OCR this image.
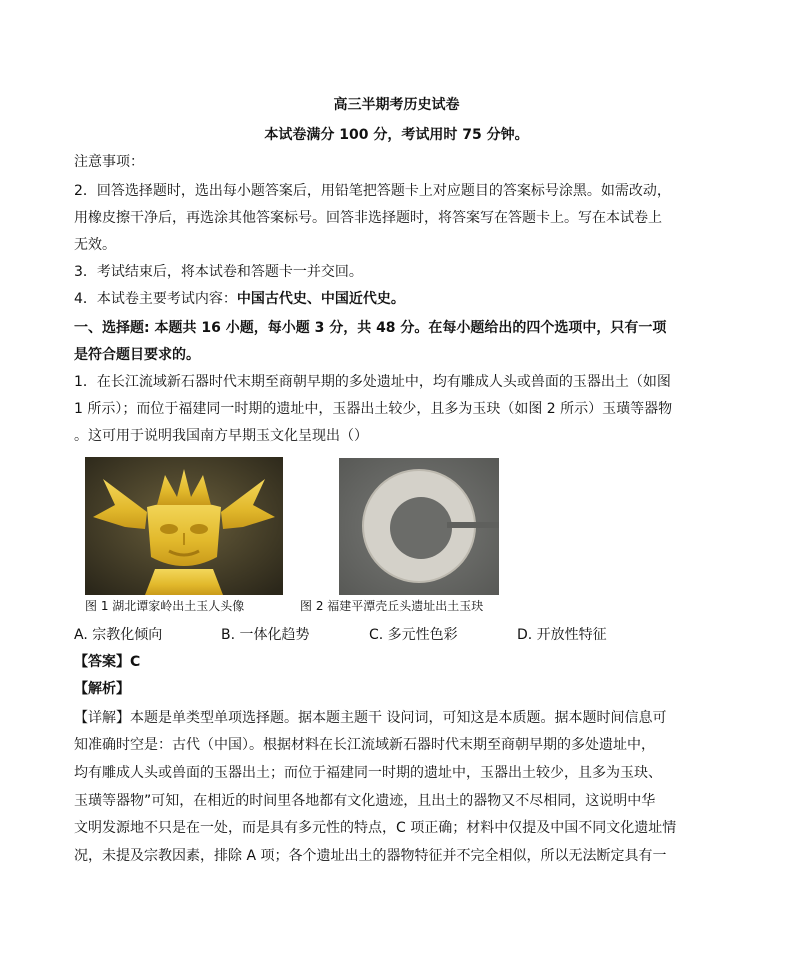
高三半期考历史试卷
本试卷满分 100 分，考试用时 75 分钟。
注意事项：
2．回答选择题时，选出每小题答案后，用铅笔把答题卡上对应题目的答案标号涂黑。如需改动，
用橡皮擦干净后，再选涂其他答案标号。回答非选择题时，将答案写在答题卡上。写在本试卷上
无效。
3．考试结束后，将本试卷和答题卡一并交回。
4．本试卷主要考试内容：中国古代史、中国近代史。
一、选择题: 本题共 16 小题，每小题 3 分，共 48 分。在每小题给出的四个选项中，只有一项
是符合题目要求的。
1．在长江流域新石器时代末期至商朝早期的多处遗址中，均有雕成人头或兽面的玉器出土（如图
1 所示）；而位于福建同一时期的遗址中，玉器出土较少，且多为玉玦（如图 2 所示）玉璜等器物
。这可用于说明我国南方早期玉文化呈现出（）
图 1 湖北谭家岭出土玉人头像	图 2 福建平潭壳丘头遗址出土玉玦
A. 宗教化倾向	B. 一体化趋势	C. 多元性色彩	D. 开放性特征
【答案】C
【解析】
【详解】本题是单类型单项选择题。据本题主题干 设问词，可知这是本质题。据本题时间信息可
知准确时空是：古代（中国）。根据材料在长江流域新石器时代末期至商朝早期的多处遗址中，
均有雕成人头或兽面的玉器出土；而位于福建同一时期的遗址中，玉器出土较少，且多为玉玦、
玉璜等器物”可知，在相近的时间里各地都有文化遗迹，且出土的器物又不尽相同，这说明中华
文明发源地不只是在一处，而是具有多元性的特点，C 项正确；材料中仅提及中国不同文化遗址情
况，未提及宗教因素，排除 A 项；各个遗址出土的器物特征并不完全相似，所以无法断定具有一
